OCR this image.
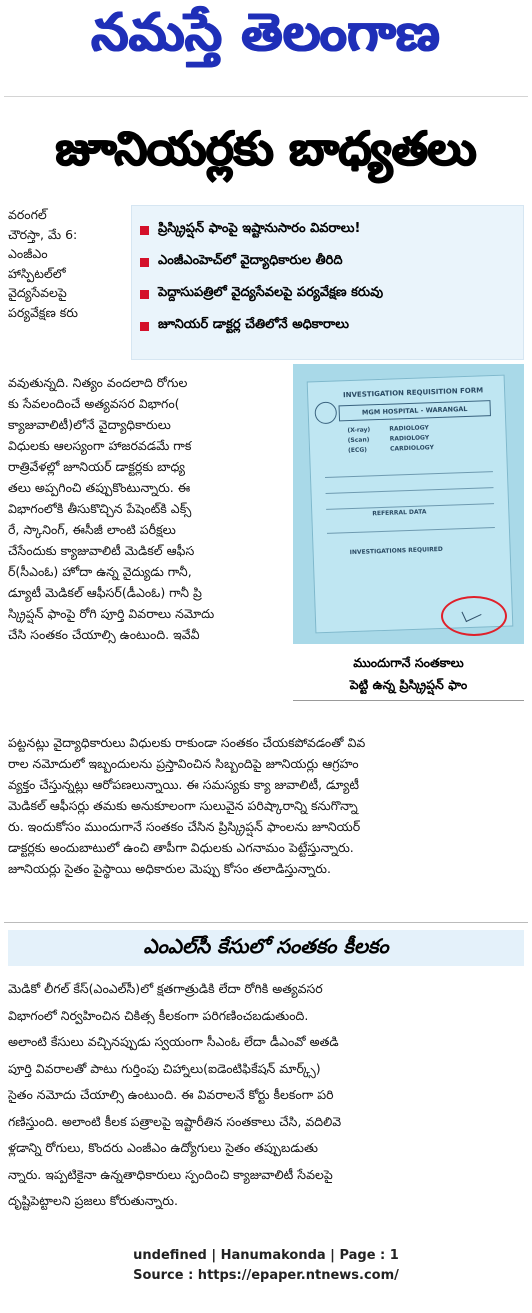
నమస్తే తెలంగాణ
జూనియర్లకు బాధ్యతలు
వరంగల్
చౌరస్తా, మే 6:
ఎంజీఎం
హాస్పిటల్‌లో
వైద్యసేవలపై
పర్యవేక్షణ కరు
ప్రిస్క్రిప్షన్ ఫాంపై ఇష్టానుసారం వివరాలు!
ఎంజీఎంహెచ్‌లో వైద్యాధికారుల తీరిది
పెద్దాసుపత్రిలో వైద్యసేవలపై పర్యవేక్షణ కరువు
జూనియర్ డాక్టర్ల చేతిలోనే అధికారాలు
వవుతున్నది. నిత్యం వందలాది రోగుల
కు సేవలందించే అత్యవసర విభాగం(
క్యాజువాలిటీ)లోనే వైద్యాధికారులు
విధులకు ఆలస్యంగా హాజరవడమే గాక
రాత్రివేళల్లో జూనియర్ డాక్టర్లకు బాధ్య
తలు అప్పగించి తప్పుకొంటున్నారు. ఈ
విభాగంలోకి తీసుకొచ్చిన పేషెంట్‌కి ఎక్స్
రే, స్కానింగ్, ఈసీజీ లాంటి పరీక్షలు
చేసేందుకు క్యాజువాలిటీ మెడికల్ ఆఫీస
ర్(సీఎంఓ) హోదా ఉన్న వైద్యుడు గానీ,
డ్యూటీ మెడికల్ ఆఫీసర్(డీఎంఓ) గానీ ప్రి
స్క్రిప్షన్ ఫాంపై రోగి పూర్తి వివరాలు నమోదు
చేసి సంతకం చేయాల్సి ఉంటుంది. ఇవేవీ
INVESTIGATION REQUISITION FORM
MGM HOSPITAL - WARANGAL
(X-ray)
(Scan)
(ECG)
RADIOLOGY
RADIOLOGY
CARDIOLOGY
REFERRAL DATA
INVESTIGATIONS REQUIRED
ముందుగానే సంతకాలు
పెట్టి ఉన్న ప్రిస్క్రిప్షన్ ఫాం
పట్టనట్లు వైద్యాధికారులు విధులకు రాకుండా సంతకం చేయకపోవడంతో వివ
రాల నమోదులో ఇబ్బందులను ప్రస్తావించిన సిబ్బందిపై జూనియర్లు ఆగ్రహం
వ్యక్తం చేస్తున్నట్లు ఆరోపణలున్నాయి. ఈ సమస్యకు క్యా జువాలిటీ, డ్యూటీ
మెడికల్ ఆఫీసర్లు తమకు అనుకూలంగా సులువైన పరిష్కారాన్ని కనుగొన్నా
రు. ఇందుకోసం ముందుగానే సంతకం చేసిన ప్రిస్క్రిప్షన్ ఫాంలను జూనియర్
డాక్టర్లకు అందుబాటులో ఉంచి తాపీగా విధులకు ఎగనామం పెట్టేస్తున్నారు.
జూనియర్లు సైతం పైస్థాయి అధికారుల మెప్పు కోసం తలాడిస్తున్నారు.
ఎంఎల్‌సీ కేసులో సంతకం కీలకం
మెడికో లీగల్ కేస్(ఎంఎల్‌సీ)లో క్షతగాత్రుడికి లేదా రోగికి అత్యవసర
విభాగంలో నిర్వహించిన చికిత్స కీలకంగా పరిగణించబడుతుంది.
అలాంటి కేసులు వచ్చినప్పుడు స్వయంగా సీఎంఓ లేదా డీఎంవో అతడి
పూర్తి వివరాలతో పాటు గుర్తింపు చిహ్నాలు(ఐడెంటిఫికేషన్ మార్క్స్)
సైతం నమోదు చేయాల్సి ఉంటుంది. ఈ వివరాలనే కోర్టు కీలకంగా పరి
గణిస్తుంది. అలాంటి కీలక పత్రాలపై ఇష్టారీతిన సంతకాలు చేసి, వదిలివె
ళ్లడాన్ని రోగులు, కొందరు ఎంజీఎం ఉద్యోగులు సైతం తప్పుబడుతు
న్నారు. ఇప్పటికైనా ఉన్నతాధికారులు స్పందించి క్యాజువాలిటీ సేవలపై
దృష్టిపెట్టాలని ప్రజలు కోరుతున్నారు.
undefined | Hanumakonda | Page : 1
Source : https://epaper.ntnews.com/
